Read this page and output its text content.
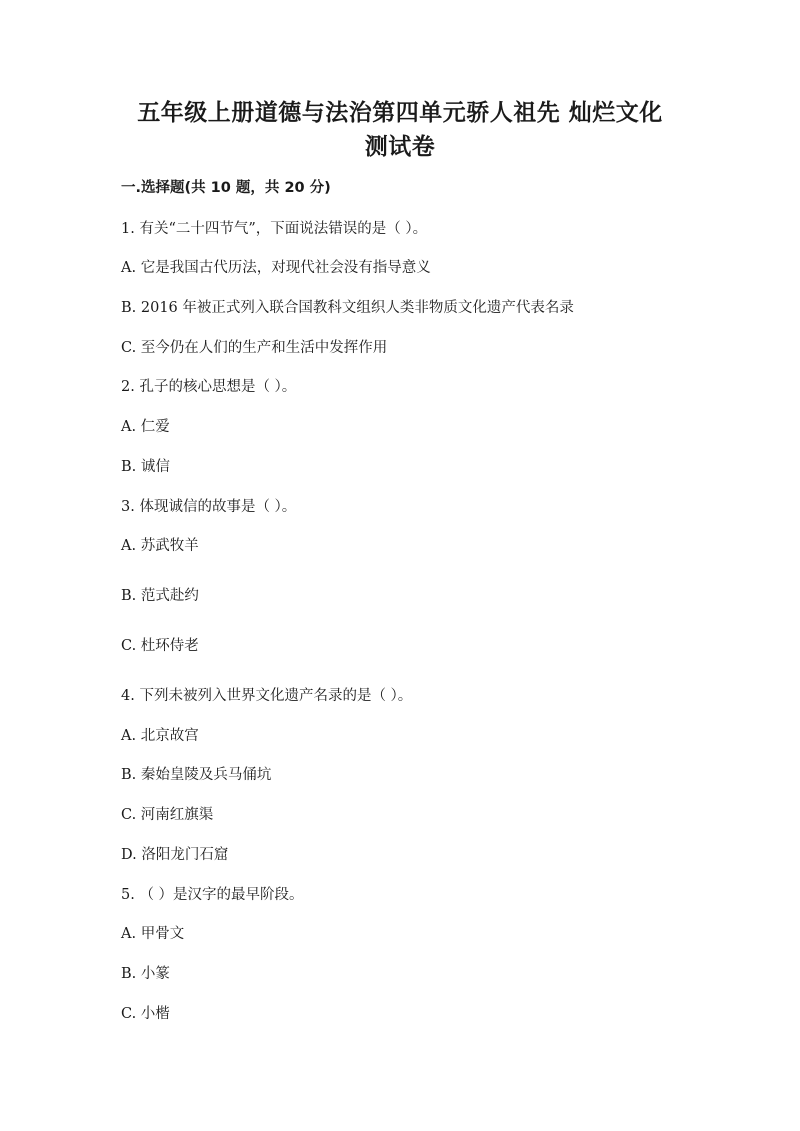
五年级上册道德与法治第四单元骄人祖先 灿烂文化
测试卷
一.选择题(共 10 题，共 20 分)
1. 有关“二十四节气”，下面说法错误的是（ ）。
A. 它是我国古代历法，对现代社会没有指导意义
B. 2016 年被正式列入联合国教科文组织人类非物质文化遗产代表名录
C. 至今仍在人们的生产和生活中发挥作用
2. 孔子的核心思想是（ ）。
A. 仁爱
B. 诚信
3. 体现诚信的故事是（ ）。
A. 苏武牧羊
B. 范式赴约
C. 杜环侍老
4. 下列未被列入世界文化遗产名录的是（ ）。
A. 北京故宫
B. 秦始皇陵及兵马俑坑
C. 河南红旗渠
D. 洛阳龙门石窟
5. （ ）是汉字的最早阶段。
A. 甲骨文
B. 小篆
C. 小楷
